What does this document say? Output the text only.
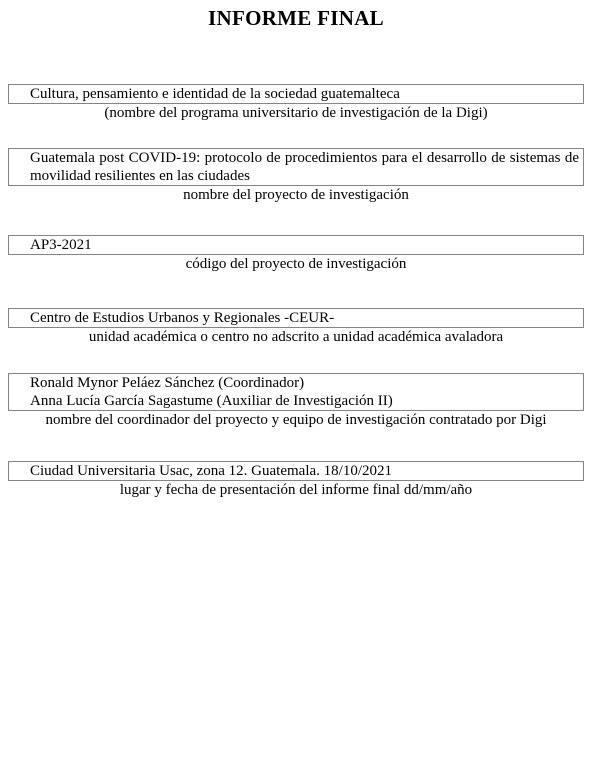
INFORME FINAL
Cultura, pensamiento e identidad de la sociedad guatemalteca
(nombre del programa universitario de investigación de la Digi)
Guatemala post COVID-19: protocolo de procedimientos para el desarrollo de sistemas de movilidad resilientes en las ciudades
nombre del proyecto de investigación
AP3-2021
código del proyecto de investigación
Centro de Estudios Urbanos y Regionales -CEUR-
unidad académica o centro no adscrito a unidad académica avaladora
Ronald Mynor Peláez Sánchez (Coordinador)
Anna Lucía García Sagastume (Auxiliar de Investigación II)
nombre del coordinador del proyecto y equipo de investigación contratado por Digi
Ciudad Universitaria Usac, zona 12. Guatemala. 18/10/2021
lugar y fecha de presentación del informe final dd/mm/año
